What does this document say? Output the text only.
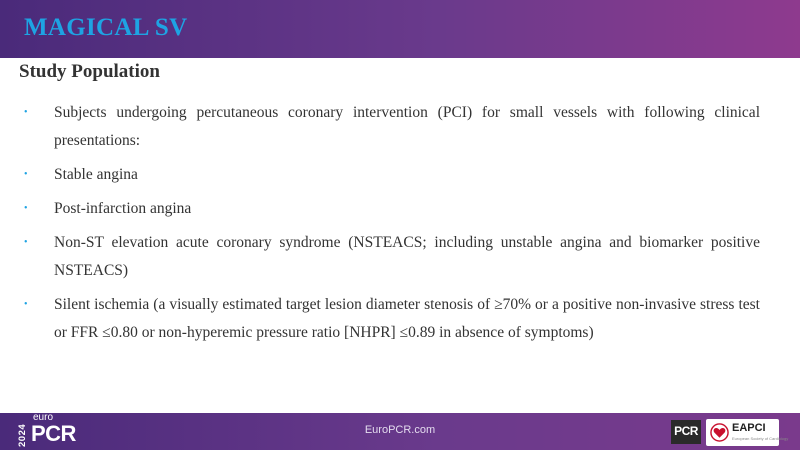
MAGICAL SV
Study Population
• Subjects undergoing percutaneous coronary intervention (PCI) for small vessels with following clinical presentations:
• Stable angina
• Post-infarction angina
• Non-ST elevation acute coronary syndrome (NSTEACS; including unstable angina and biomarker positive NSTEACS)
• Silent ischemia (a visually estimated target lesion diameter stenosis of ≥70% or a positive non-invasive stress test or FFR ≤0.80 or non-hyperemic pressure ratio [NHPR] ≤0.89 in absence of symptoms)
EuroPCR.com
2024
euro
PCR	PCR	EAPCI
European Society of Cardiology
